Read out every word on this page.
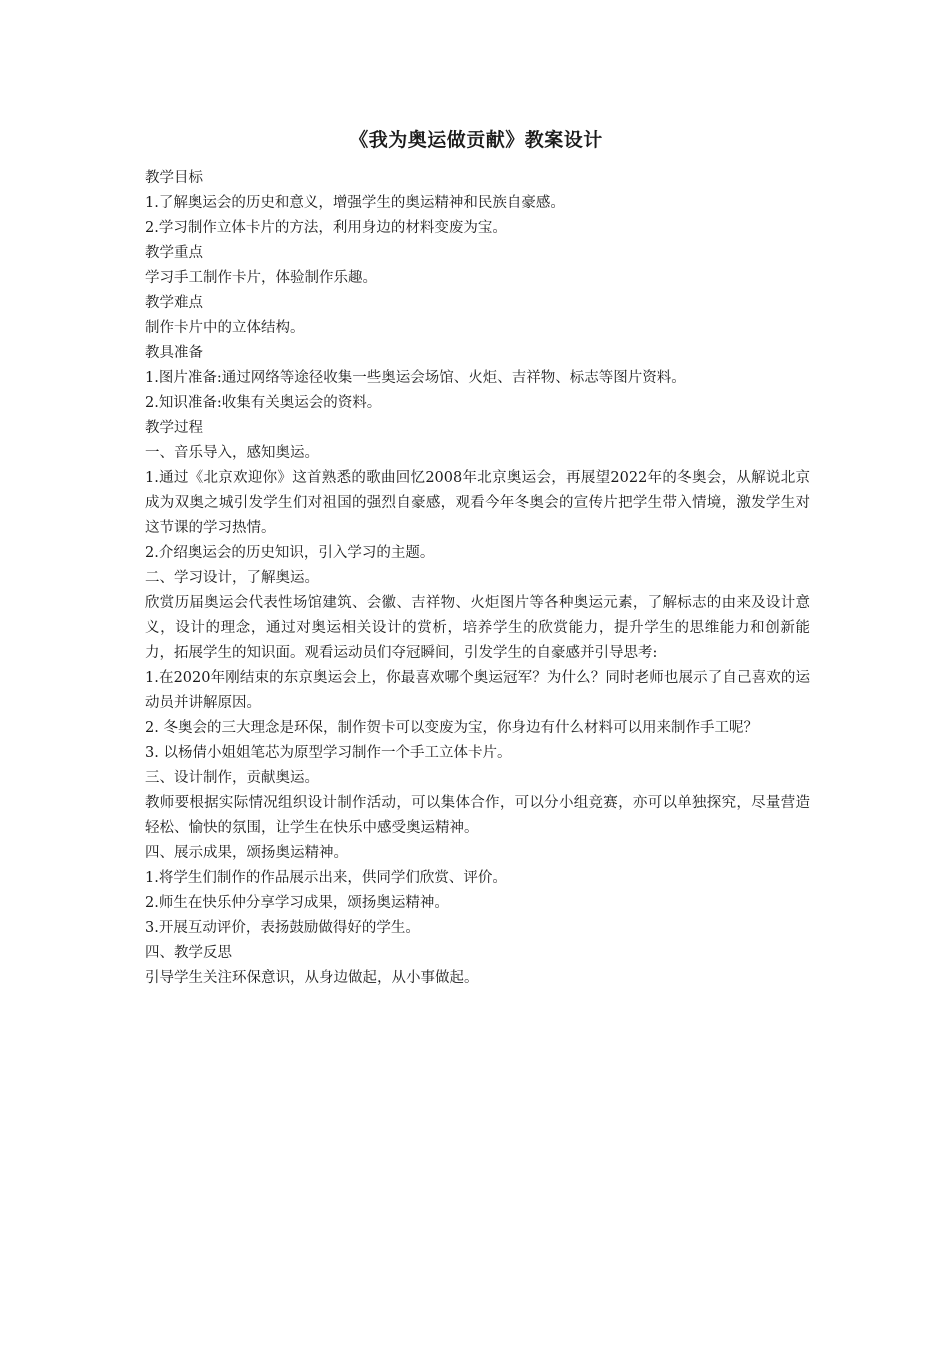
《我为奥运做贡献》教案设计

教学目标

1.了解奥运会的历史和意义，增强学生的奥运精神和民族自豪感。

2.学习制作立体卡片的方法，利用身边的材料变废为宝。

教学重点

学习手工制作卡片，体验制作乐趣。

教学难点

制作卡片中的立体结构。

教具准备

1.图片准备:通过网络等途径收集一些奥运会场馆、火炬、吉祥物、标志等图片资料。

2.知识准备:收集有关奥运会的资料。

教学过程

一、音乐导入，感知奥运。

1.通过《北京欢迎你》这首熟悉的歌曲回忆2008年北京奥运会，再展望2022年的冬奥会，从解说北京成为双奥之城引发学生们对祖国的强烈自豪感，观看今年冬奥会的宣传片把学生带入情境，激发学生对这节课的学习热情。

2.介绍奥运会的历史知识，引入学习的主题。

二、学习设计，了解奥运。

欣赏历届奥运会代表性场馆建筑、会徽、吉祥物、火炬图片等各种奥运元素，了解标志的由来及设计意义，设计的理念，通过对奥运相关设计的赏析，培养学生的欣赏能力，提升学生的思维能力和创新能力，拓展学生的知识面。观看运动员们夺冠瞬间，引发学生的自豪感并引导思考:

1.在2020年刚结束的东京奥运会上，你最喜欢哪个奥运冠军？为什么？同时老师也展示了自己喜欢的运动员并讲解原因。

2. 冬奥会的三大理念是环保，制作贺卡可以变废为宝，你身边有什么材料可以用来制作手工呢？

3. 以杨倩小姐姐笔芯为原型学习制作一个手工立体卡片。

三、设计制作，贡献奥运。

教师要根据实际情况组织设计制作活动，可以集体合作，可以分小组竞赛，亦可以单独探究，尽量营造轻松、愉快的氛围，让学生在快乐中感受奥运精神。

四、展示成果，颂扬奥运精神。

1.将学生们制作的作品展示出来，供同学们欣赏、评价。

2.师生在快乐仲分享学习成果，颂扬奥运精神。

3.开展互动评价，表扬鼓励做得好的学生。

四、教学反思

引导学生关注环保意识，从身边做起，从小事做起。
